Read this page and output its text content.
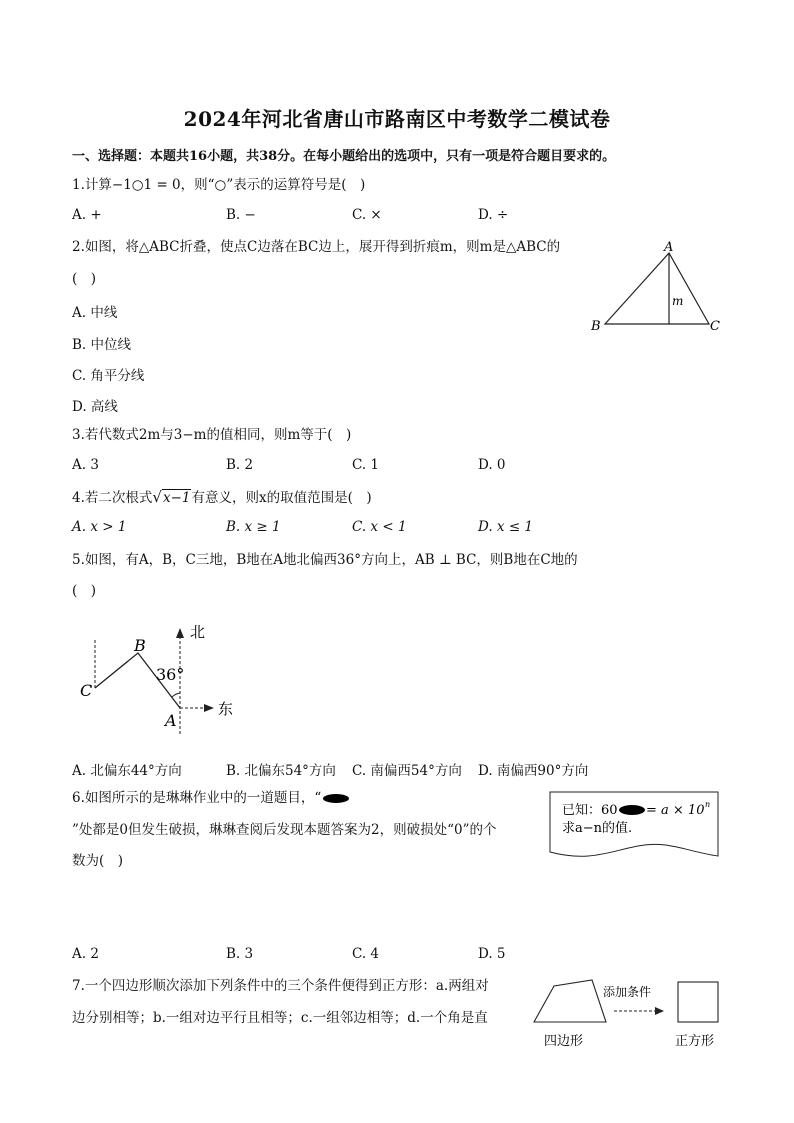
2024年河北省唐山市路南区中考数学二模试卷
一、选择题：本题共16小题，共38分。在每小题给出的选项中，只有一项是符合题目要求的。
1.计算−1○1 = 0，则“○”表示的运算符号是(　)
A. +	B. −	C. ×	D. ÷
2.如图，将△ABC折叠，使点C边落在BC边上，展开得到折痕m，则m是△ABC的
(　)
A. 中线
B. 中位线
C. 角平分线
D. 高线
A
B	C
m
3.若代数式2m与3−m的值相同，则m等于(　)
A. 3	B. 2	C. 1	D. 0
4.若二次根式√x−1有意义，则x的取值范围是(　)
A. x > 1	B. x ≥ 1	C. x < 1	D. x ≤ 1
5.如图，有A，B，C三地，B地在A地北偏西36°方向上，AB ⊥ BC，则B地在C地的
(　)
北
东
36°
B
C
A
A. 北偏东44°方向	B. 北偏东54°方向 C. 南偏西54°方向 D. 南偏西90°方向
6.如图所示的是琳琳作业中的一道题目，“
”处都是0但发生破损，琳琳查阅后发现本题答案为2，则破损处“0”的个
数为(　)
已知：60 = a × 10 n
求a−n的值.
A. 2	B. 3	C. 4	D. 5
7.一个四边形顺次添加下列条件中的三个条件便得到正方形：a.两组对
边分别相等；b.一组对边平行且相等；c.一组邻边相等；d.一个角是直
添加条件
四边形	正方形
